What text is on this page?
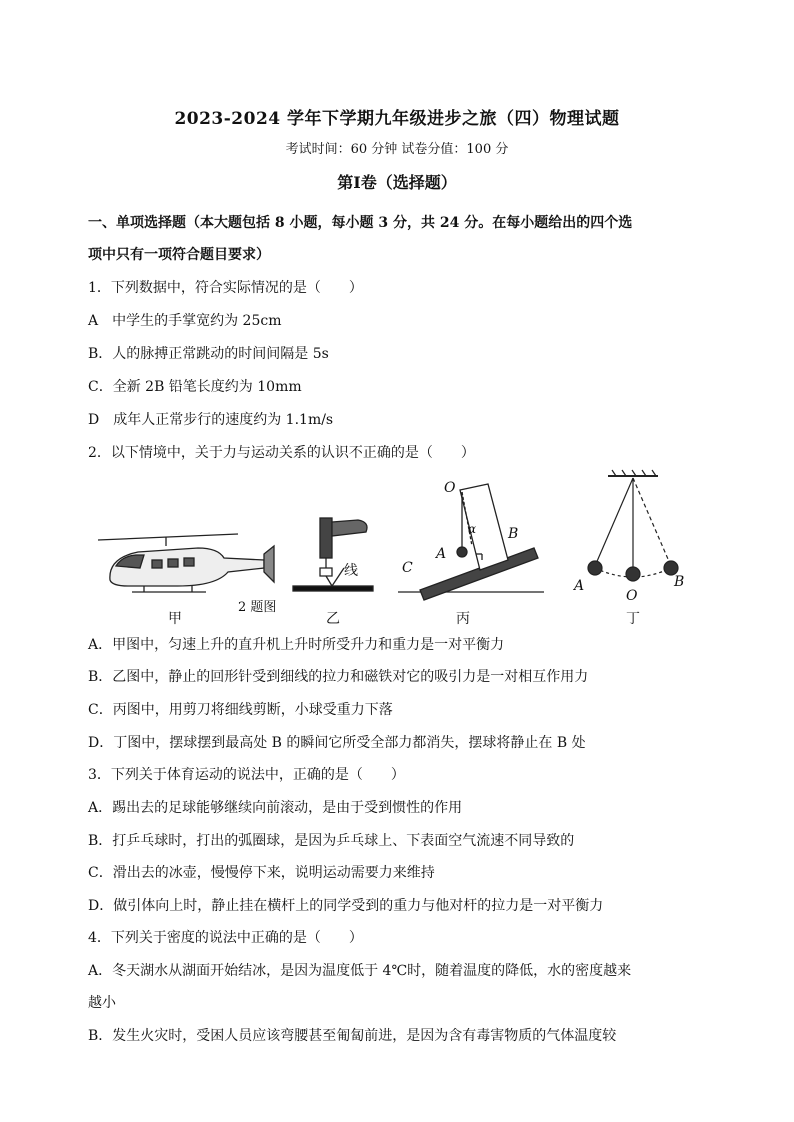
2023-2024 学年下学期九年级进步之旅（四）物理试题
考试时间：60 分钟 试卷分值：100 分
第Ⅰ卷（选择题）
一、单项选择题（本大题包括 8 小题，每小题 3 分，共 24 分。在每小题给出的四个选
项中只有一项符合题目要求）
1．下列数据中，符合实际情况的是（　　）
A　中学生的手掌宽约为 25cm
B．人的脉搏正常跳动的时间间隔是 5s
C．全新 2B 铅笔长度约为 10mm
D　成年人正常步行的速度约为 1.1m/s
2．以下情境中，关于力与运动关系的认识不正确的是（　　）
2 题图
甲	乙	丙	丁
线
O
A
B
C
α
A
O
B
A．甲图中，匀速上升的直升机上升时所受升力和重力是一对平衡力
B．乙图中，静止的回形针受到细线的拉力和磁铁对它的吸引力是一对相互作用力
C．丙图中，用剪刀将细线剪断，小球受重力下落
D．丁图中，摆球摆到最高处 B 的瞬间它所受全部力都消失，摆球将静止在 B 处
3．下列关于体育运动的说法中，正确的是（　　）
A．踢出去的足球能够继续向前滚动，是由于受到惯性的作用
B．打乒乓球时，打出的弧圈球，是因为乒乓球上、下表面空气流速不同导致的
C．滑出去的冰壶，慢慢停下来，说明运动需要力来维持
D．做引体向上时，静止挂在横杆上的同学受到的重力与他对杆的拉力是一对平衡力
4．下列关于密度的说法中正确的是（　　）
A．冬天湖水从湖面开始结冰，是因为温度低于 4℃时，随着温度的降低，水的密度越来
越小
B．发生火灾时，受困人员应该弯腰甚至匍匐前进，是因为含有毒害物质的气体温度较
